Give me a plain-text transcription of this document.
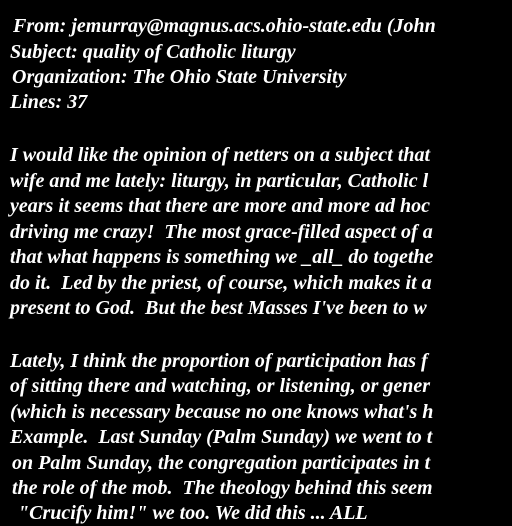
From: jemurray@magnus.acs.ohio-state.edu (John
Subject: quality of Catholic liturgy
Organization: The Ohio State University
Lines: 37
I would like the opinion of netters on a subject that
wife and me lately: liturgy, in particular, Catholic l
years it seems that there are more and more ad hoc
driving me crazy!  The most grace-filled aspect of a
that what happens is something we _all_ do togethe
do it.  Led by the priest, of course, which makes it a
present to God.  But the best Masses I've been to w
Lately, I think the proportion of participation has f
of sitting there and watching, or listening, or gener
(which is necessary because no one knows what's h
Example.  Last Sunday (Palm Sunday) we went to t
on Palm Sunday, the congregation participates in t
the role of the mob.  The theology behind this seem
"Crucify him!" we too. We did this ... ALL
